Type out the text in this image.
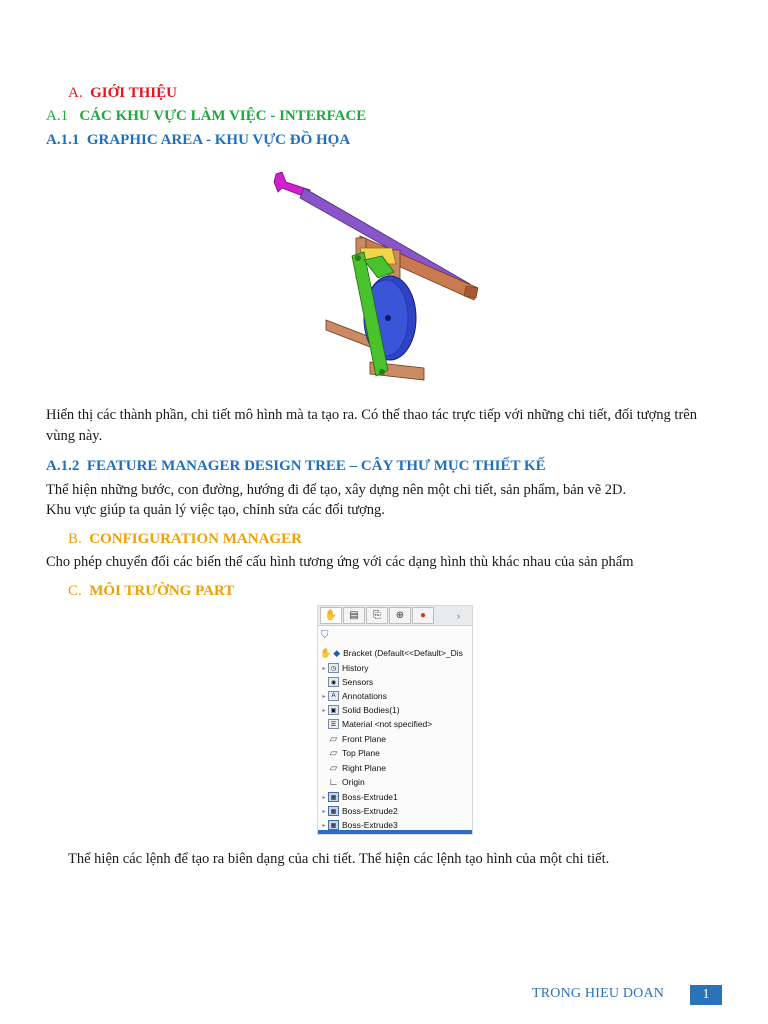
A. GIỚI THIỆU
A.1 CÁC KHU VỰC LÀM VIỆC - INTERFACE
A.1.1 GRAPHIC AREA - KHU VỰC ĐỒ HỌA
Hiển thị các thành phần, chi tiết mô hình mà ta tạo ra. Có thể thao tác trực tiếp với những chi tiết, đối tượng trên vùng này.
A.1.2 FEATURE MANAGER DESIGN TREE – CÂY THƯ MỤC THIẾT KẾ
Thể hiện những bước, con đường, hướng đi để tạo, xây dựng nên một chi tiết, sản phẩm, bản vẽ 2D.
Khu vực giúp ta quản lý việc tạo, chỉnh sửa các đối tượng.
B. CONFIGURATION MANAGER
Cho phép chuyển đổi các biến thể cấu hình tương ứng với các dạng hình thù khác nhau của sản phẩm
C. MÔI TRƯỜNG PART
✋ ▤ ⎘ ⊕ ●	›
⛉
✋ ◆ Bracket (Default<<Default>_Dis
▸ ◷ History
◉ Sensors
▸ A Annotations
▸ ▣ Solid Bodies(1)
☰ Material <not specified>
▱ Front Plane
▱ Top Plane
▱ Right Plane
∟ Origin
▸ ▦ Boss-Extrude1
▸ ▦ Boss-Extrude2
▸ ▦ Boss-Extrude3
Thể hiện các lệnh để tạo ra biên dạng của chi tiết. Thể hiện các lệnh tạo hình của một chi tiết.
TRONG HIEU DOAN	1
